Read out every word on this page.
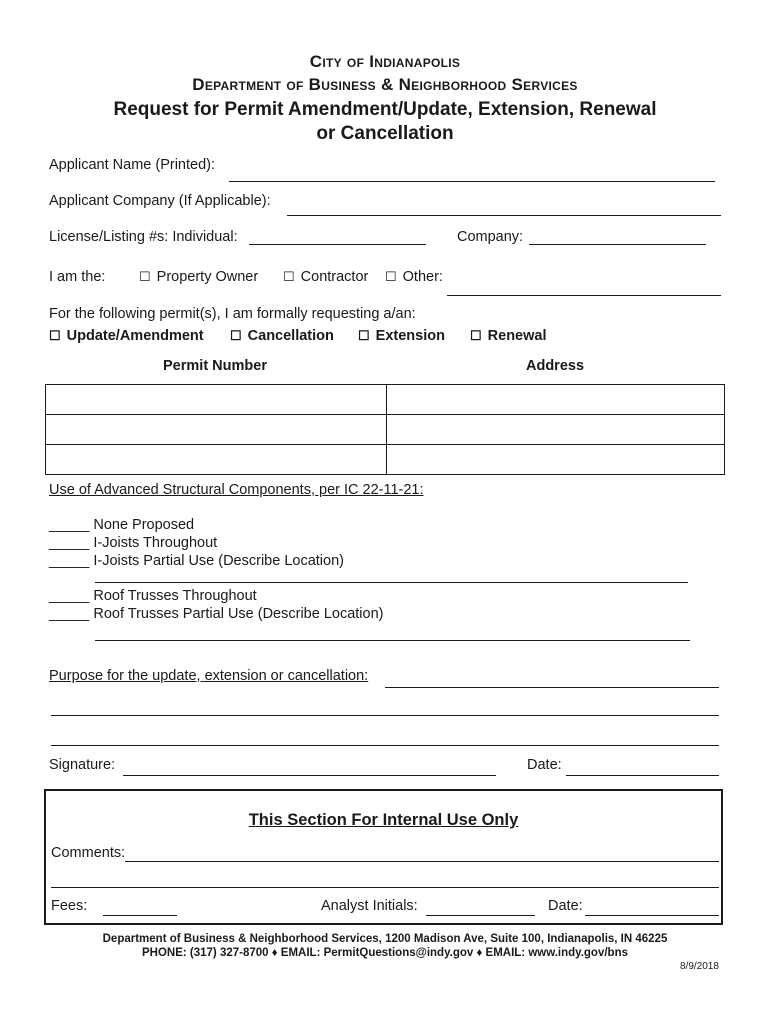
City of Indianapolis
Department of Business & Neighborhood Services
Request for Permit Amendment/Update, Extension, Renewal
or Cancellation
Applicant Name (Printed):
Applicant Company (If Applicable):
License/Listing #s: Individual:	Company:
I am the:	☐ Property Owner ☐ Contractor ☐ Other:
For the following permit(s), I am formally requesting a/an:
☐ Update/Amendment ☐ Cancellation ☐ Extension ☐ Renewal
Permit Number	Address

Use of Advanced Structural Components, per IC 22-11-21:
_____ None Proposed
_____ I-Joists Throughout
_____ I-Joists Partial Use (Describe Location)
_____ Roof Trusses Throughout
_____ Roof Trusses Partial Use (Describe Location)
Purpose for the update, extension or cancellation:
Signature:	Date:
This Section For Internal Use Only
Comments:
Fees:	Analyst Initials:	Date:
Department of Business & Neighborhood Services, 1200 Madison Ave, Suite 100, Indianapolis, IN 46225
PHONE: (317) 327-8700 ♦ EMAIL: PermitQuestions@indy.gov ♦ EMAIL: www.indy.gov/bns
8/9/2018
